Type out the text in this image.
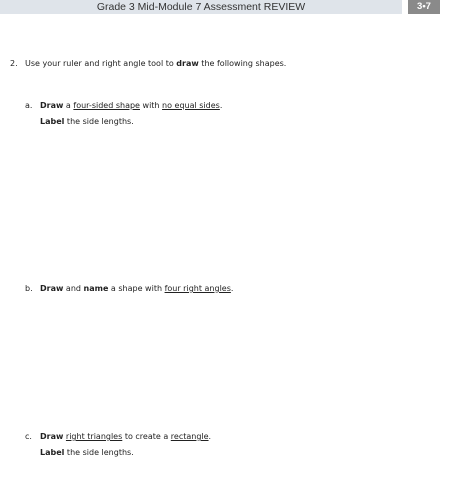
Grade 3 Mid-Module 7 Assessment REVIEW	3•7
2. Use your ruler and right angle tool to draw the following shapes.
a. Draw a four-sided shape with no equal sides.
Label the side lengths.
b. Draw and name a shape with four right angles.
c. Draw right triangles to create a rectangle.
Label the side lengths.
